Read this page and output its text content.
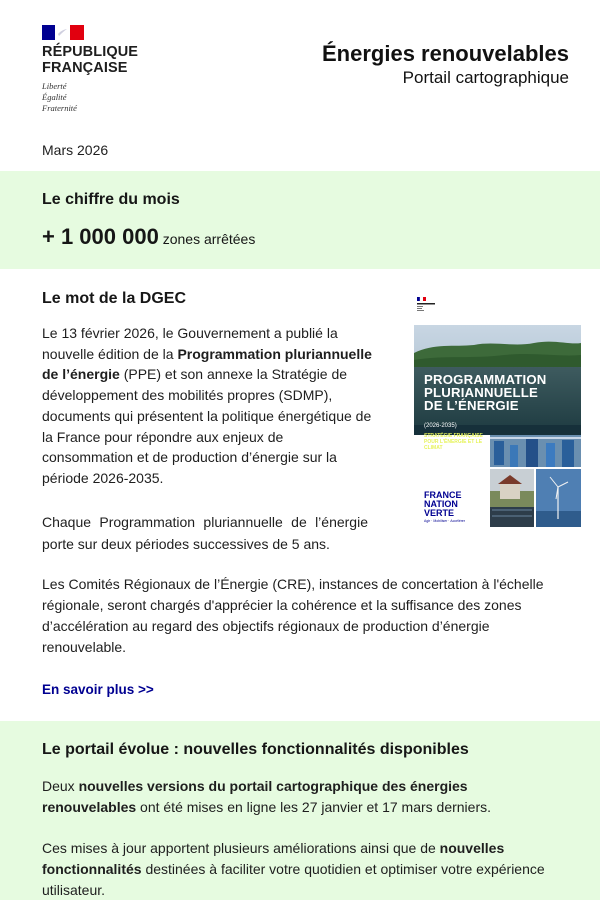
RÉPUBLIQUE
FRANÇAISE
Liberté
Égalité
Fraternité
Énergies renouvelables
Portail cartographique
Mars 2026
Le chiffre du mois
+ 1 000 000 zones arrêtées
Le mot de la DGEC

Le 13 février 2026, le Gouvernement a publié la nouvelle édition de la Programmation pluriannuelle de l’énergie (PPE) et son annexe la Stratégie de développement des mobilités propres (SDMP), documents qui présentent la politique énergétique de la France pour répondre aux enjeux de consommation et de production d’énergie sur la période 2026-2035.

Chaque Programmation pluriannuelle de l’énergie porte sur deux périodes successives de 5 ans.

Les Comités Régionaux de l’Énergie (CRE), instances de concertation à l'échelle régionale, seront chargés d'apprécier la cohérence et la suffisance des zones d’accélération au regard des objectifs régionaux de production d’énergie renouvelable.

En savoir plus >>
PROGRAMMATION
PLURIANNUELLE
DE L’ÉNERGIE
(2026-2035)
STRATÉGIE FRANÇAISE POUR L’ÉNERGIE ET LE CLIMAT
FRANCE
NATION
VERTE
Agir · Mobiliser · Accélérer
Le portail évolue : nouvelles fonctionnalités disponibles

Deux nouvelles versions du portail cartographique des énergies renouvelables ont été mises en ligne les 27 janvier et 17 mars derniers.

Ces mises à jour apportent plusieurs améliorations ainsi que de nouvelles fonctionnalités destinées à faciliter votre quotidien et optimiser votre expérience utilisateur.
